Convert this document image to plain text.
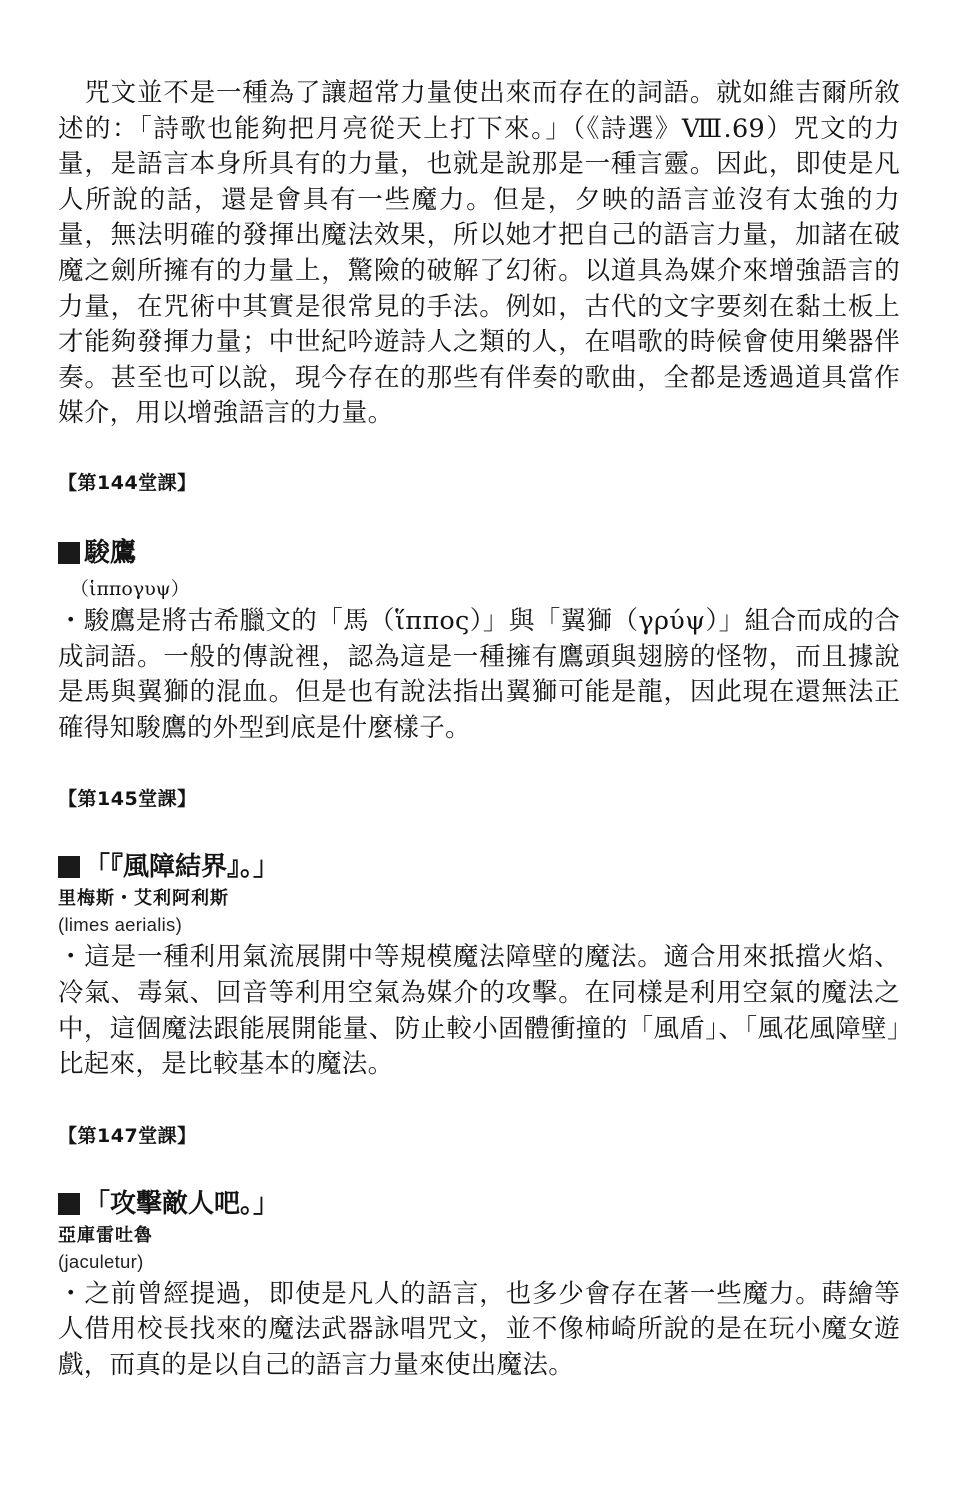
　咒文並不是一種為了讓超常力量使出來而存在的詞語。就如維吉爾所敘述的：「詩歌也能夠把月亮從天上打下來。」（《詩選》Ⅷ.69）咒文的力量，是語言本身所具有的力量，也就是說那是一種言靈。因此，即使是凡人所說的話，還是會具有一些魔力。但是，夕映的語言並沒有太強的力量，無法明確的發揮出魔法效果，所以她才把自己的語言力量，加諸在破魔之劍所擁有的力量上，驚險的破解了幻術。以道具為媒介來增強語言的力量，在咒術中其實是很常見的手法。例如，古代的文字要刻在黏土板上才能夠發揮力量；中世紀吟遊詩人之類的人，在唱歌的時候會使用樂器伴奏。甚至也可以說，現今存在的那些有伴奏的歌曲，全都是透過道具當作媒介，用以增強語言的力量。

【第144堂課】

駿鷹

（ἱππογυψ）

・駿鷹是將古希臘文的「馬（ἵππος）」與「翼獅（γρύψ）」組合而成的合成詞語。一般的傳說裡，認為這是一種擁有鷹頭與翅膀的怪物，而且據說是馬與翼獅的混血。但是也有說法指出翼獅可能是龍，因此現在還無法正確得知駿鷹的外型到底是什麼樣子。

【第145堂課】

「『風障結界』。」

里梅斯・艾利阿利斯

(limes aerialis)

・這是一種利用氣流展開中等規模魔法障壁的魔法。適合用來抵擋火焰、冷氣、毒氣、回音等利用空氣為媒介的攻擊。在同樣是利用空氣的魔法之中，這個魔法跟能展開能量、防止較小固體衝撞的「風盾」、「風花風障壁」比起來，是比較基本的魔法。

【第147堂課】

「攻擊敵人吧。」

亞庫雷吐魯

(jaculetur)

・之前曾經提過，即使是凡人的語言，也多少會存在著一些魔力。蒔繪等人借用校長找來的魔法武器詠唱咒文，並不像柿崎所說的是在玩小魔女遊戲，而真的是以自己的語言力量來使出魔法。
